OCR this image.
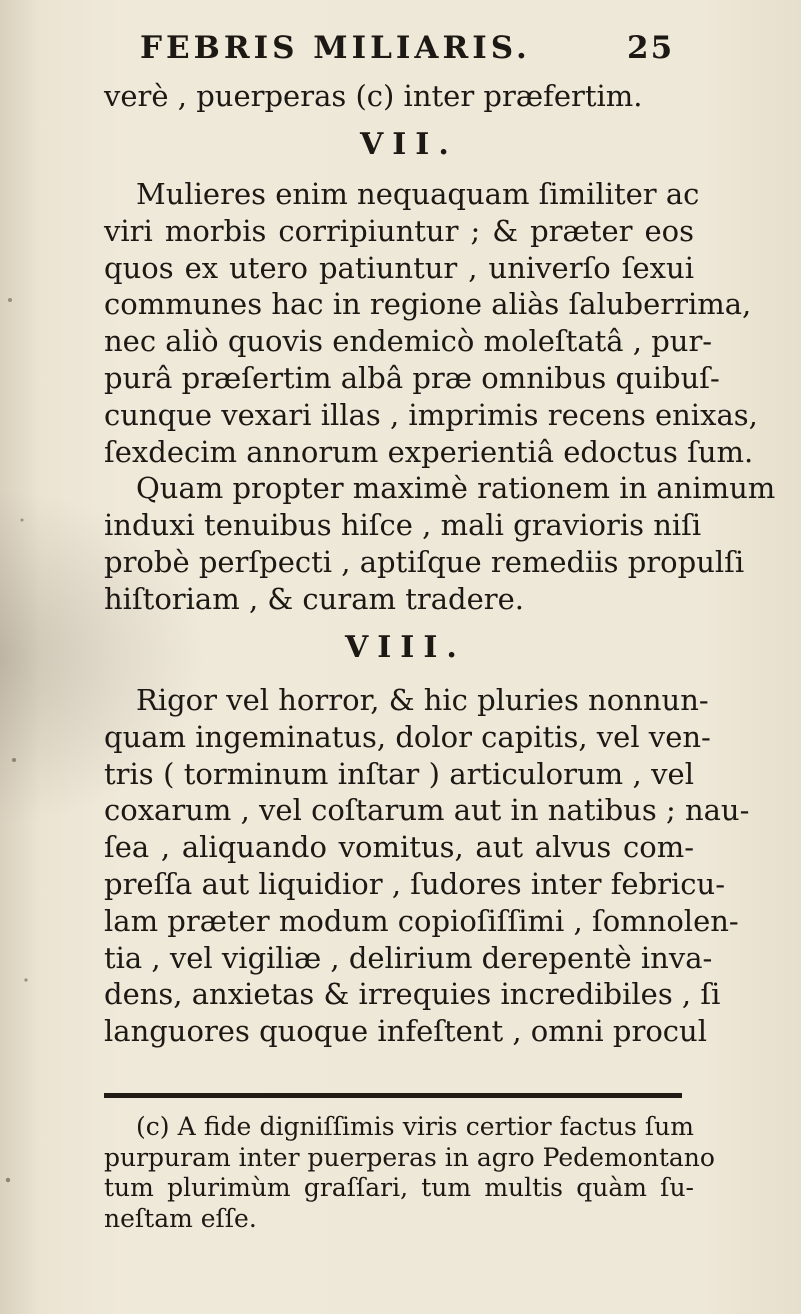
FEBRIS MILIARIS.	25
verè , puerperas (c) inter præfertim.
VII.
Mulieres enim nequaquam ſimiliter ac
viri morbis corripiuntur ; & præter eos
quos ex utero patiuntur , univerſo ſexui
communes hac in regione aliàs ſaluberrima,
nec aliò quovis endemicò moleſtatâ , pur-
purâ præſertim albâ præ omnibus quibuſ-
cunque vexari illas , imprimis recens enixas,
ſexdecim annorum experientiâ edoctus ſum.
Quam propter maximè rationem in animum
induxi tenuibus hiſce , mali gravioris niſi
probè perſpecti , aptiſque remediis propulſi
hiſtoriam , & curam tradere.
VIII.
Rigor vel horror, & hic pluries nonnun-
quam ingeminatus, dolor capitis, vel ven-
tris ( torminum inſtar ) articulorum , vel
coxarum , vel coſtarum aut in natibus ; nau-
ſea , aliquando vomitus, aut alvus com-
preſſa aut liquidior , ſudores inter febricu-
lam præter modum copioſiſſimi , ſomnolen-
tia , vel vigiliæ , delirium derepentè inva-
dens, anxietas & irrequies incredibiles , ſi
languores quoque infeſtent , omni procul
(c) A fide digniſſimis viris certior factus ſum
purpuram inter puerperas in agro Pedemontano
tum plurimùm graſſari, tum multis quàm ſu-
neſtam eſſe.
